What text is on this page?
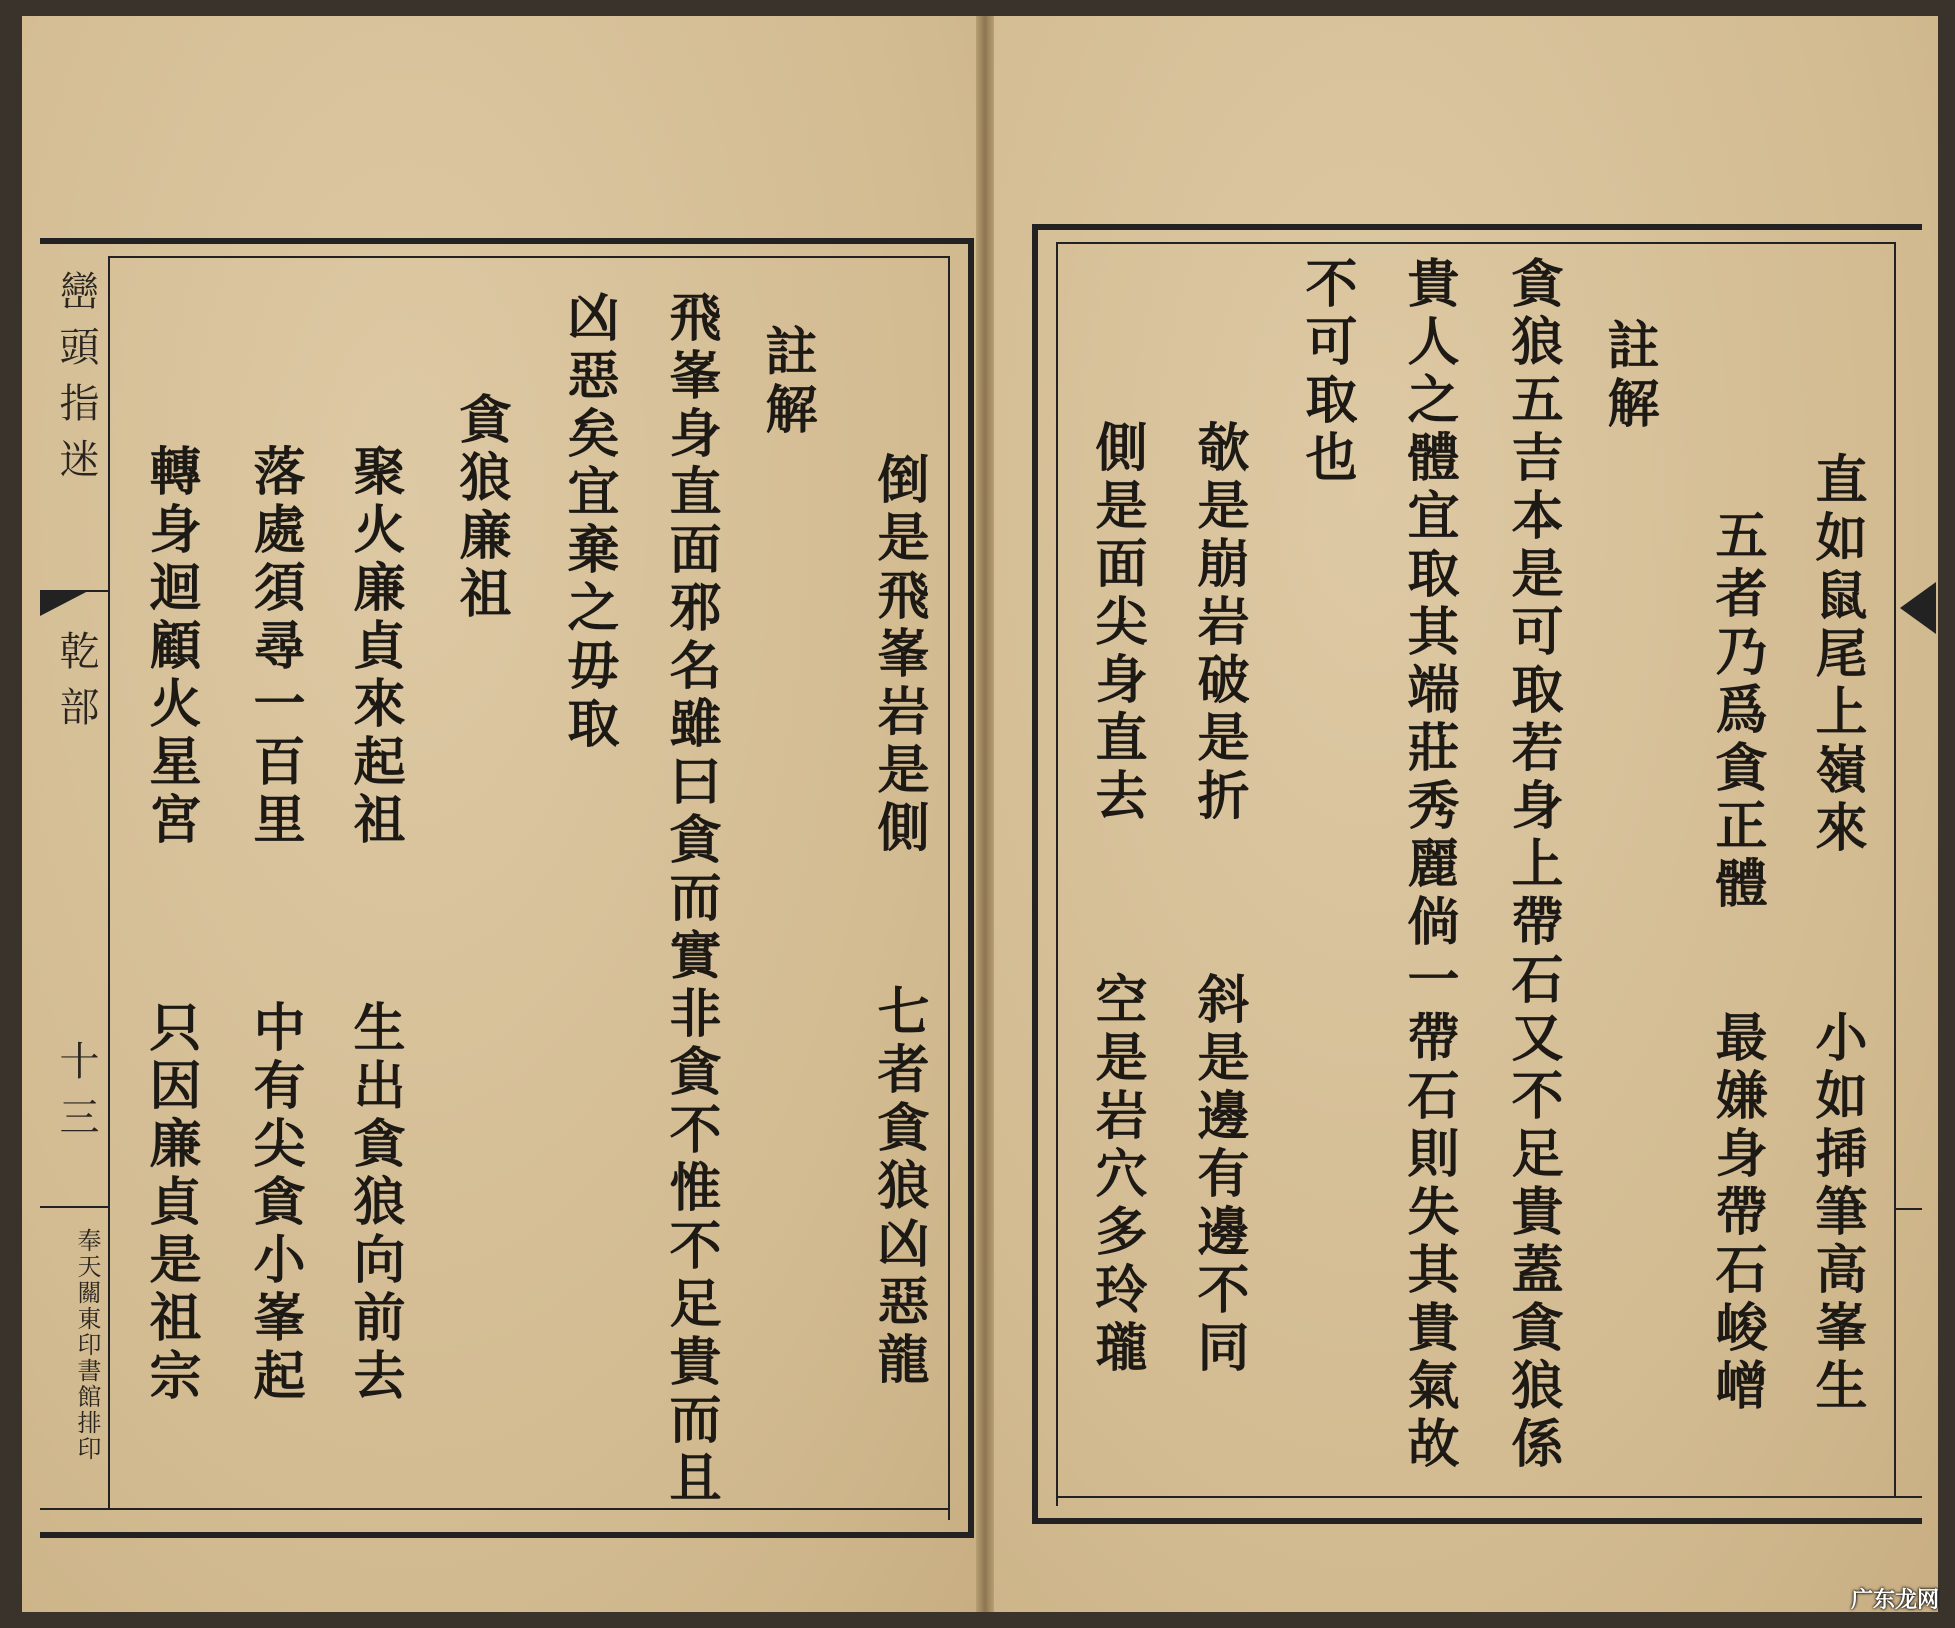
巒頭指迷
乾部
十三
奉天關東印書館排印
倒是飛峯岩是側
七者貪狼凶惡龍
註解
飛峯身直面邪名雖曰貪而實非貪不惟不足貴而且
凶惡矣宜棄之毋取
貪狼廉祖
聚火廉貞來起祖
生出貪狼向前去
落處須尋一百里
中有尖貪小峯起
轉身迴顧火星宮
只因廉貞是祖宗
直如鼠尾上嶺來
小如揷筆高峯生
五者乃爲貪正體
最嫌身帶石峻嶒
註解
貪狼五吉本是可取若身上帶石又不足貴蓋貪狼係
貴人之體宜取其端莊秀麗倘一帶石則失其貴氣故
不可取也
欹是崩岩破是折
斜是邊有邊不同
側是面尖身直去
空是岩穴多玲瓏
广东龙网
